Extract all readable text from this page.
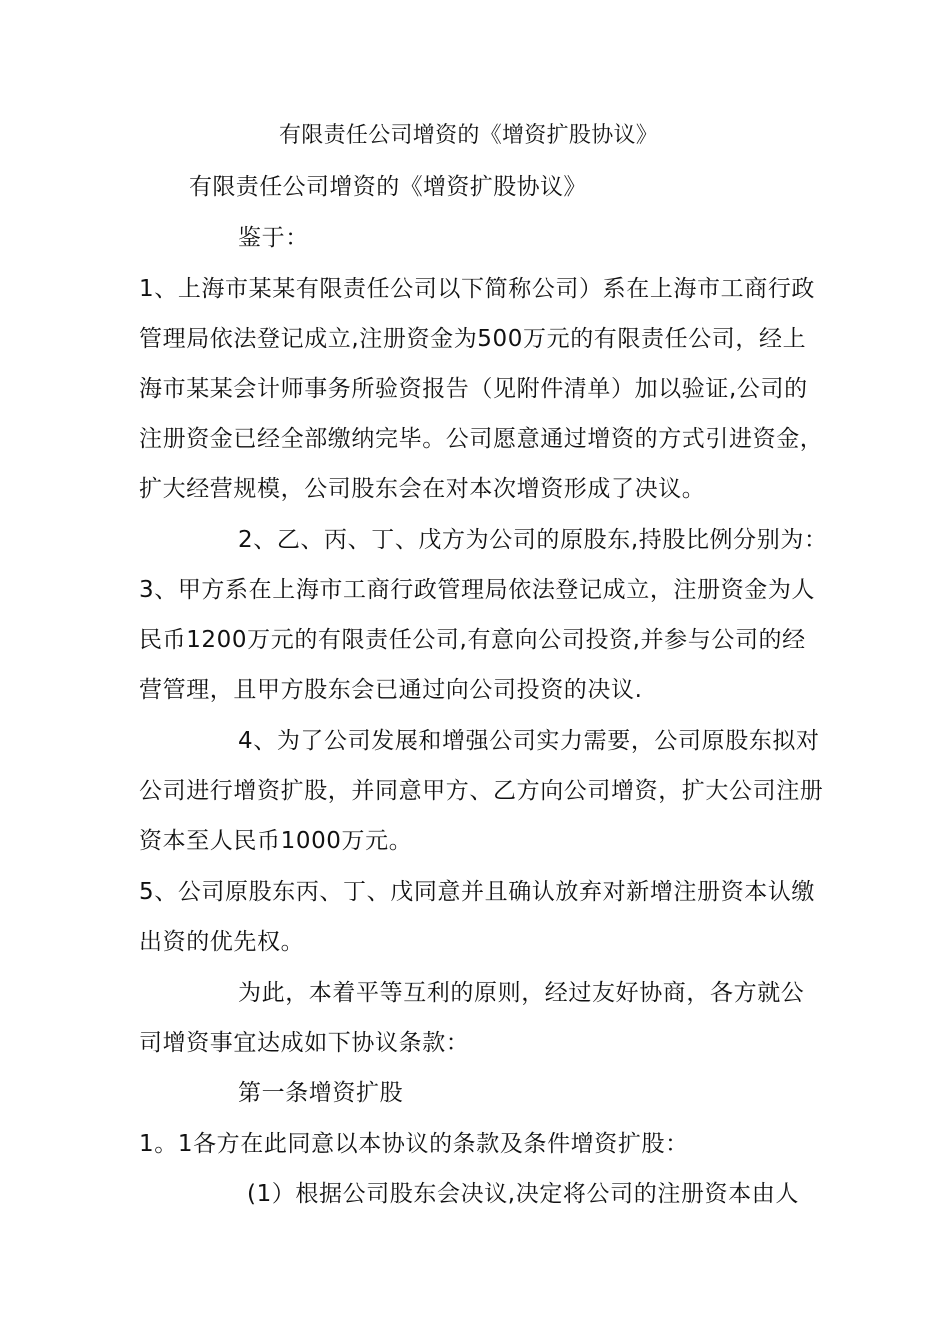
有限责任公司增资的《增资扩股协议》
有限责任公司增资的《增资扩股协议》
鉴于：
1、上海市某某有限责任公司以下简称公司）系在上海市工商行政
管理局依法登记成立,注册资金为500万元的有限责任公司，经上
海市某某会计师事务所验资报告（见附件清单）加以验证,公司的
注册资金已经全部缴纳完毕。公司愿意通过增资的方式引进资金，
扩大经营规模，公司股东会在对本次增资形成了决议。
2、乙、丙、丁、戊方为公司的原股东,持股比例分别为：
3、甲方系在上海市工商行政管理局依法登记成立，注册资金为人
民币1200万元的有限责任公司,有意向公司投资,并参与公司的经
营管理，且甲方股东会已通过向公司投资的决议.
4、为了公司发展和增强公司实力需要，公司原股东拟对
公司进行增资扩股，并同意甲方、乙方向公司增资，扩大公司注册
资本至人民币1000万元。
5、公司原股东丙、丁、戊同意并且确认放弃对新增注册资本认缴
出资的优先权。
为此，本着平等互利的原则，经过友好协商，各方就公
司增资事宜达成如下协议条款：
第一条增资扩股
1。1各方在此同意以本协议的条款及条件增资扩股：
(1）根据公司股东会决议,决定将公司的注册资本由人
